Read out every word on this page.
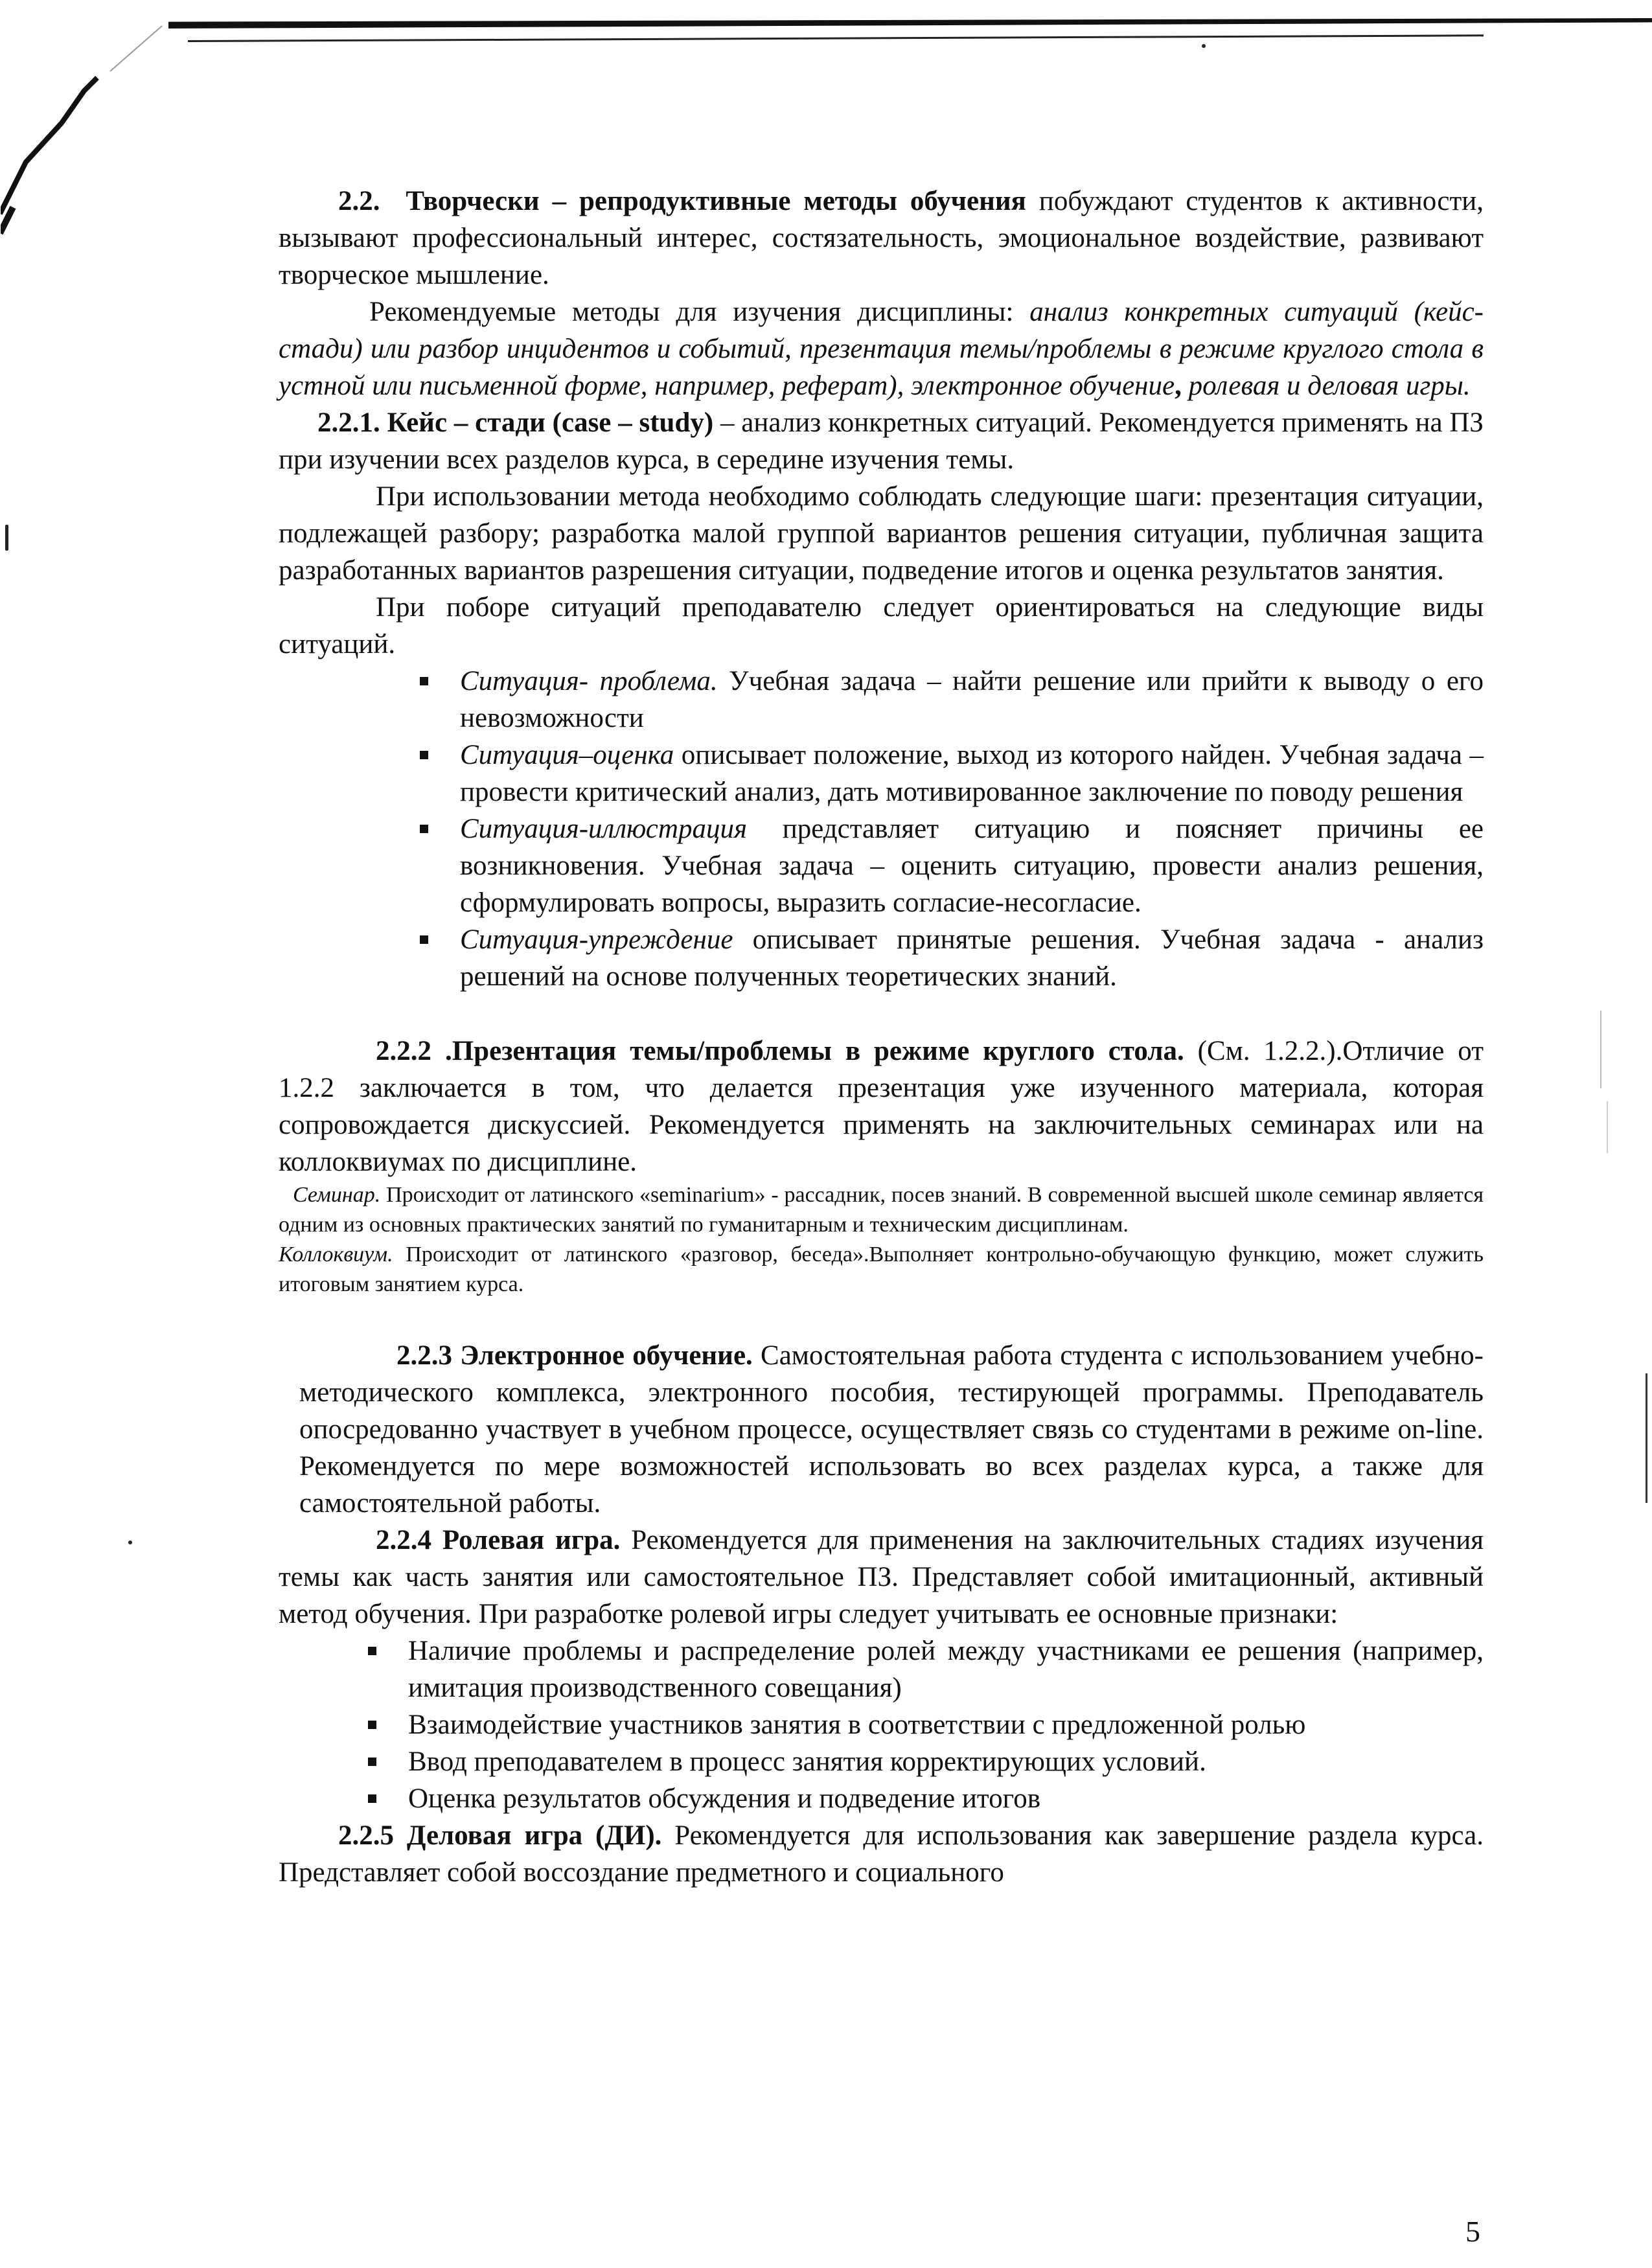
2.2. Творчески – репродуктивные методы обучения побуждают студентов к активности, вызывают профессиональный интерес, состязательность, эмоциональное воздействие, развивают творческое мышление.

Рекомендуемые методы для изучения дисциплины: анализ конкретных ситуаций (кейс-стади) или разбор инцидентов и событий, презентация темы/проблемы в режиме круглого стола в устной или письменной форме, например, реферат), электронное обучение, ролевая и деловая игры.

2.2.1. Кейс – стади (case – study) – анализ конкретных ситуаций. Рекомендуется применять на ПЗ при изучении всех разделов курса, в середине изучения темы.

При использовании метода необходимо соблюдать следующие шаги: презентация ситуации, подлежащей разбору; разработка малой группой вариантов решения ситуации, публичная защита разработанных вариантов разрешения ситуации, подведение итогов и оценка результатов занятия.

При поборе ситуаций преподавателю следует ориентироваться на следующие виды ситуаций.

Ситуация- проблема. Учебная задача – найти решение или прийти к выводу о его невозможности
Ситуация–оценка описывает положение, выход из которого найден. Учебная задача – провести критический анализ, дать мотивированное заключение по поводу решения
Ситуация-иллюстрация представляет ситуацию и поясняет причины ее возникновения. Учебная задача – оценить ситуацию, провести анализ решения, сформулировать вопросы, выразить согласие-несогласие.
Ситуация-упреждение описывает принятые решения. Учебная задача - анализ решений на основе полученных теоретических знаний.

2.2.2 .Презентация темы/проблемы в режиме круглого стола. (См. 1.2.2.).Отличие от 1.2.2 заключается в том, что делается презентация уже изученного материала, которая сопровождается дискуссией. Рекомендуется применять на заключительных семинарах или на коллоквиумах по дисциплине.

Семинар. Происходит от латинского «seminarium» - рассадник, посев знаний. В современной высшей школе семинар является одним из основных практических занятий по гуманитарным и техническим дисциплинам.

Коллоквиум. Происходит от латинского «разговор, беседа».Выполняет контрольно-обучающую функцию, может служить итоговым занятием курса.

2.2.3 Электронное обучение. Самостоятельная работа студента с использованием учебно-методического комплекса, электронного пособия, тестирующей программы. Преподаватель опосредованно участвует в учебном процессе, осуществляет связь со студентами в режиме on-line. Рекомендуется по мере возможностей использовать во всех разделах курса, а также для самостоятельной работы.

2.2.4 Ролевая игра. Рекомендуется для применения на заключительных стадиях изучения темы как часть занятия или самостоятельное ПЗ. Представляет собой имитационный, активный метод обучения. При разработке ролевой игры следует учитывать ее основные признаки:

Наличие проблемы и распределение ролей между участниками ее решения (например, имитация производственного совещания)
Взаимодействие участников занятия в соответствии с предложенной ролью
Ввод преподавателем в процесс занятия корректирующих условий.
Оценка результатов обсуждения и подведение итогов

2.2.5 Деловая игра (ДИ). Рекомендуется для использования как завершение раздела курса. Представляет собой воссоздание предметного и социального

5
